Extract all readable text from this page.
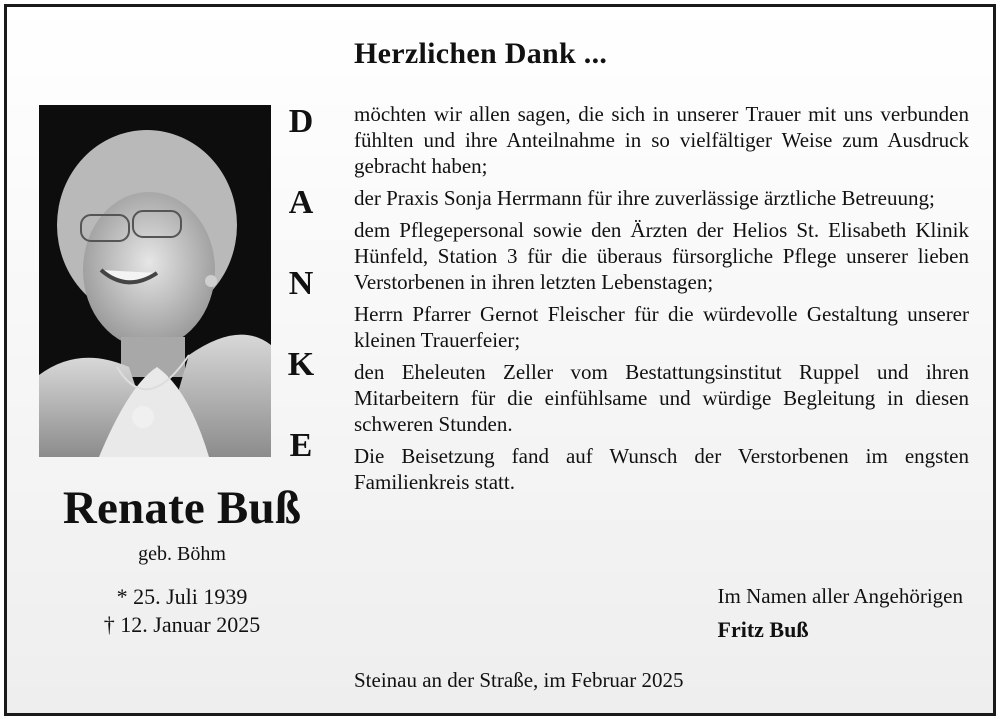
Herzlichen Dank ...
D
A
N
K
E
Renate Buß
geb. Böhm
* 25. Juli 1939
† 12. Januar 2025

möchten wir allen sagen, die sich in unserer Trauer mit uns verbunden fühlten und ihre Anteilnahme in so vielfältiger Weise zum Ausdruck gebracht haben;

der Praxis Sonja Herrmann für ihre zuverlässige ärztliche Betreuung;

dem Pflegepersonal sowie den Ärzten der Helios St. Elisabeth Klinik Hünfeld, Station 3 für die überaus fürsorgliche Pflege unserer lieben Verstorbenen in ihren letzten Lebenstagen;

Herrn Pfarrer Gernot Fleischer für die würdevolle Gestaltung unserer kleinen Trauerfeier;

den Eheleuten Zeller vom Bestattungsinstitut Ruppel und ihren Mitarbeitern für die einfühlsame und würdige Begleitung in diesen schweren Stunden.

Die Beisetzung fand auf Wunsch der Verstorbenen im engsten Familienkreis statt.

Im Namen aller Angehörigen
Fritz Buß
Steinau an der Straße, im Februar 2025
